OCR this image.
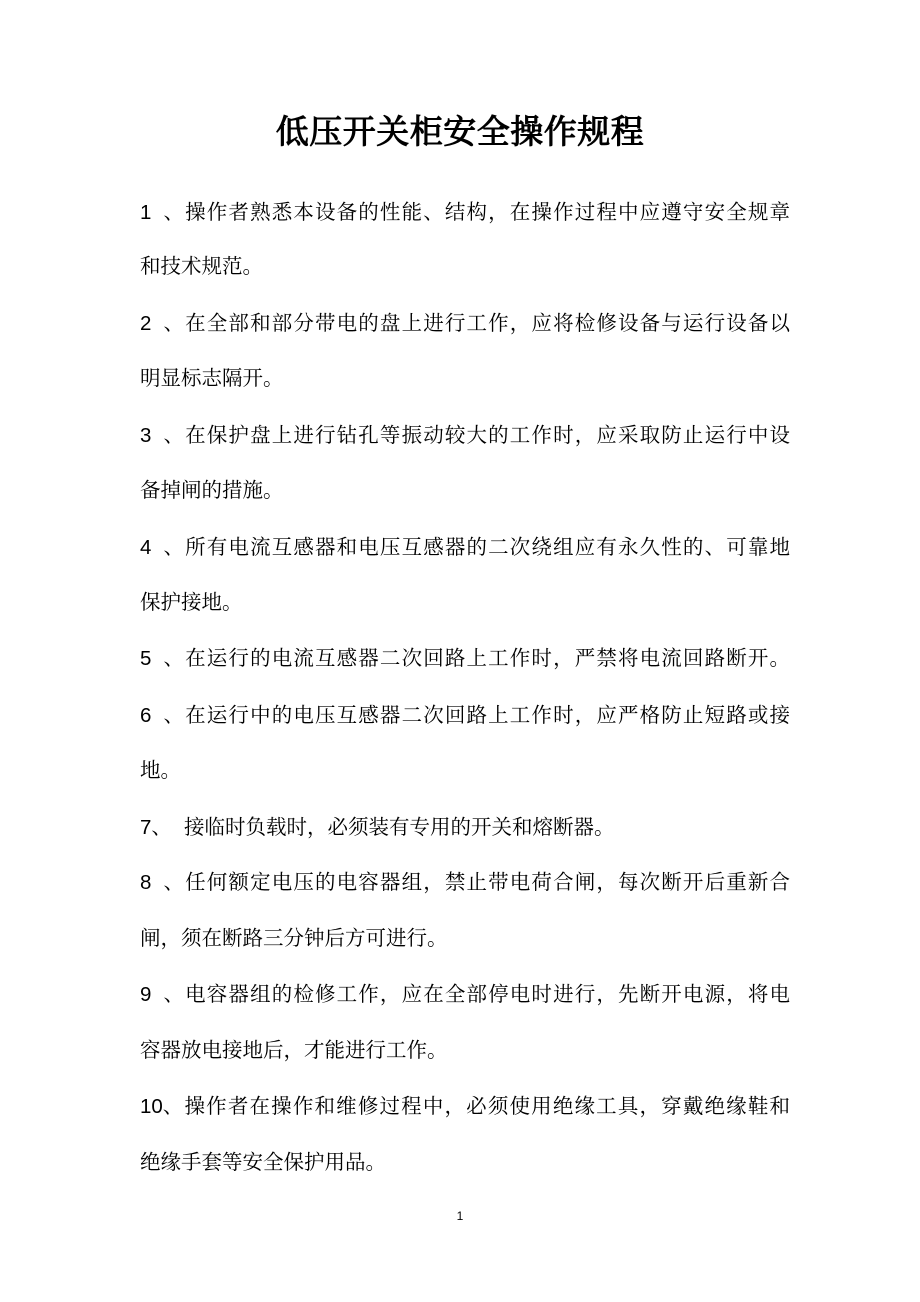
低压开关柜安全操作规程
1、操作者熟悉本设备的性能、结构，在操作过程中应遵守安全规章
和技术规范。
2、在全部和部分带电的盘上进行工作，应将检修设备与运行设备以
明显标志隔开。
3、在保护盘上进行钻孔等振动较大的工作时，应采取防止运行中设
备掉闸的措施。
4、所有电流互感器和电压互感器的二次绕组应有永久性的、可靠地
保护接地。
5、在运行的电流互感器二次回路上工作时，严禁将电流回路断开。
6、在运行中的电压互感器二次回路上工作时，应严格防止短路或接
地。
7、 接临时负载时，必须装有专用的开关和熔断器。
8、任何额定电压的电容器组，禁止带电荷合闸，每次断开后重新合
闸，须在断路三分钟后方可进行。
9、电容器组的检修工作，应在全部停电时进行，先断开电源，将电
容器放电接地后，才能进行工作。
10、操作者在操作和维修过程中，必须使用绝缘工具，穿戴绝缘鞋和
绝缘手套等安全保护用品。
1
